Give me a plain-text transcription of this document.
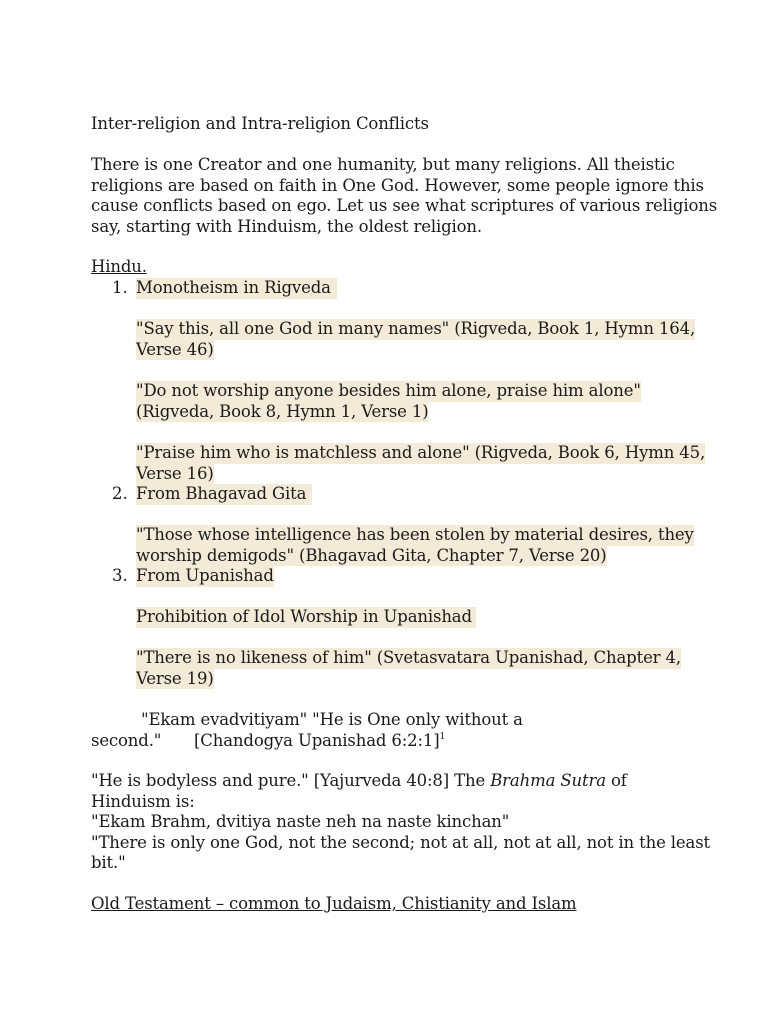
Inter-religion and Intra-religion Conflicts
There is one Creator and one humanity, but many religions. All theistic
religions are based on faith in One God. However, some people ignore this
cause conflicts based on ego. Let us see what scriptures of various religions
say, starting with Hinduism, the oldest religion.
Hindu.
1. Monotheism in Rigveda
"Say this, all one God in many names" (Rigveda, Book 1, Hymn 164,
Verse 46)
"Do not worship anyone besides him alone, praise him alone"
(Rigveda, Book 8, Hymn 1, Verse 1)
"Praise him who is matchless and alone" (Rigveda, Book 6, Hymn 45,
Verse 16)
2. From Bhagavad Gita
"Those whose intelligence has been stolen by material desires, they
worship demigods" (Bhagavad Gita, Chapter 7, Verse 20)
3. From Upanishad
Prohibition of Idol Worship in Upanishad
"There is no likeness of him" (Svetasvatara Upanishad, Chapter 4,
Verse 19)
"Ekam evadvitiyam" "He is One only without a
second." [Chandogya Upanishad 6:2:1]$^1$
"He is bodyless and pure." [Yajurveda 40:8] The Brahma Sutra of
Hinduism is:
"Ekam Brahm, dvitiya naste neh na naste kinchan"
"There is only one God, not the second; not at all, not at all, not in the least
bit."
Old Testament – common to Judaism, Chistianity and Islam
